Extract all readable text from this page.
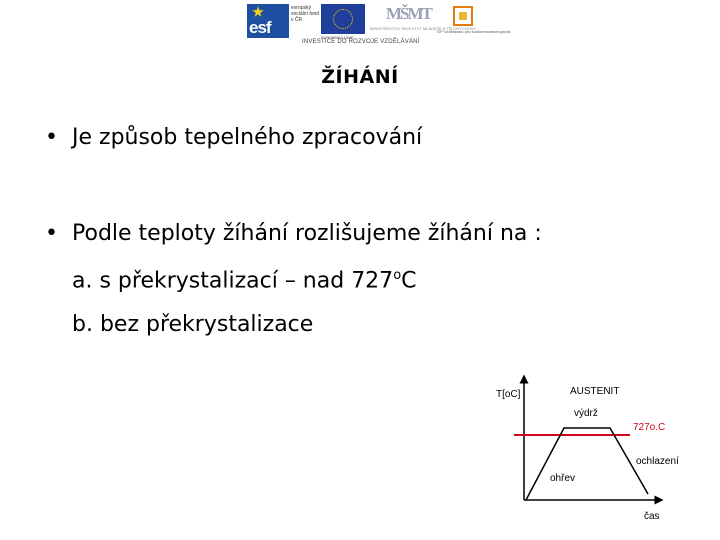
esf
evropský sociální fond v ČR
EVROPSKÁ UNIE
MŠMT
MINISTERSTVO ŠKOLSTVÍ, MLÁDEŽE A TĚLOVÝCHOVY
OP Vzdělávání pro konkurenceschopnost
INVESTICE DO ROZVOJE VZDĚLÁVÁNÍ
ŽÍHÁNÍ
• Je způsob tepelného zpracování
• Podle teploty žíhání rozlišujeme žíhání na :
a. s překrystalizací – nad 727$^o$C
b. bez překrystalizace
T[oC]	AUSTENIT
výdrž
727o.C
ochlazení
ohřev
čas
